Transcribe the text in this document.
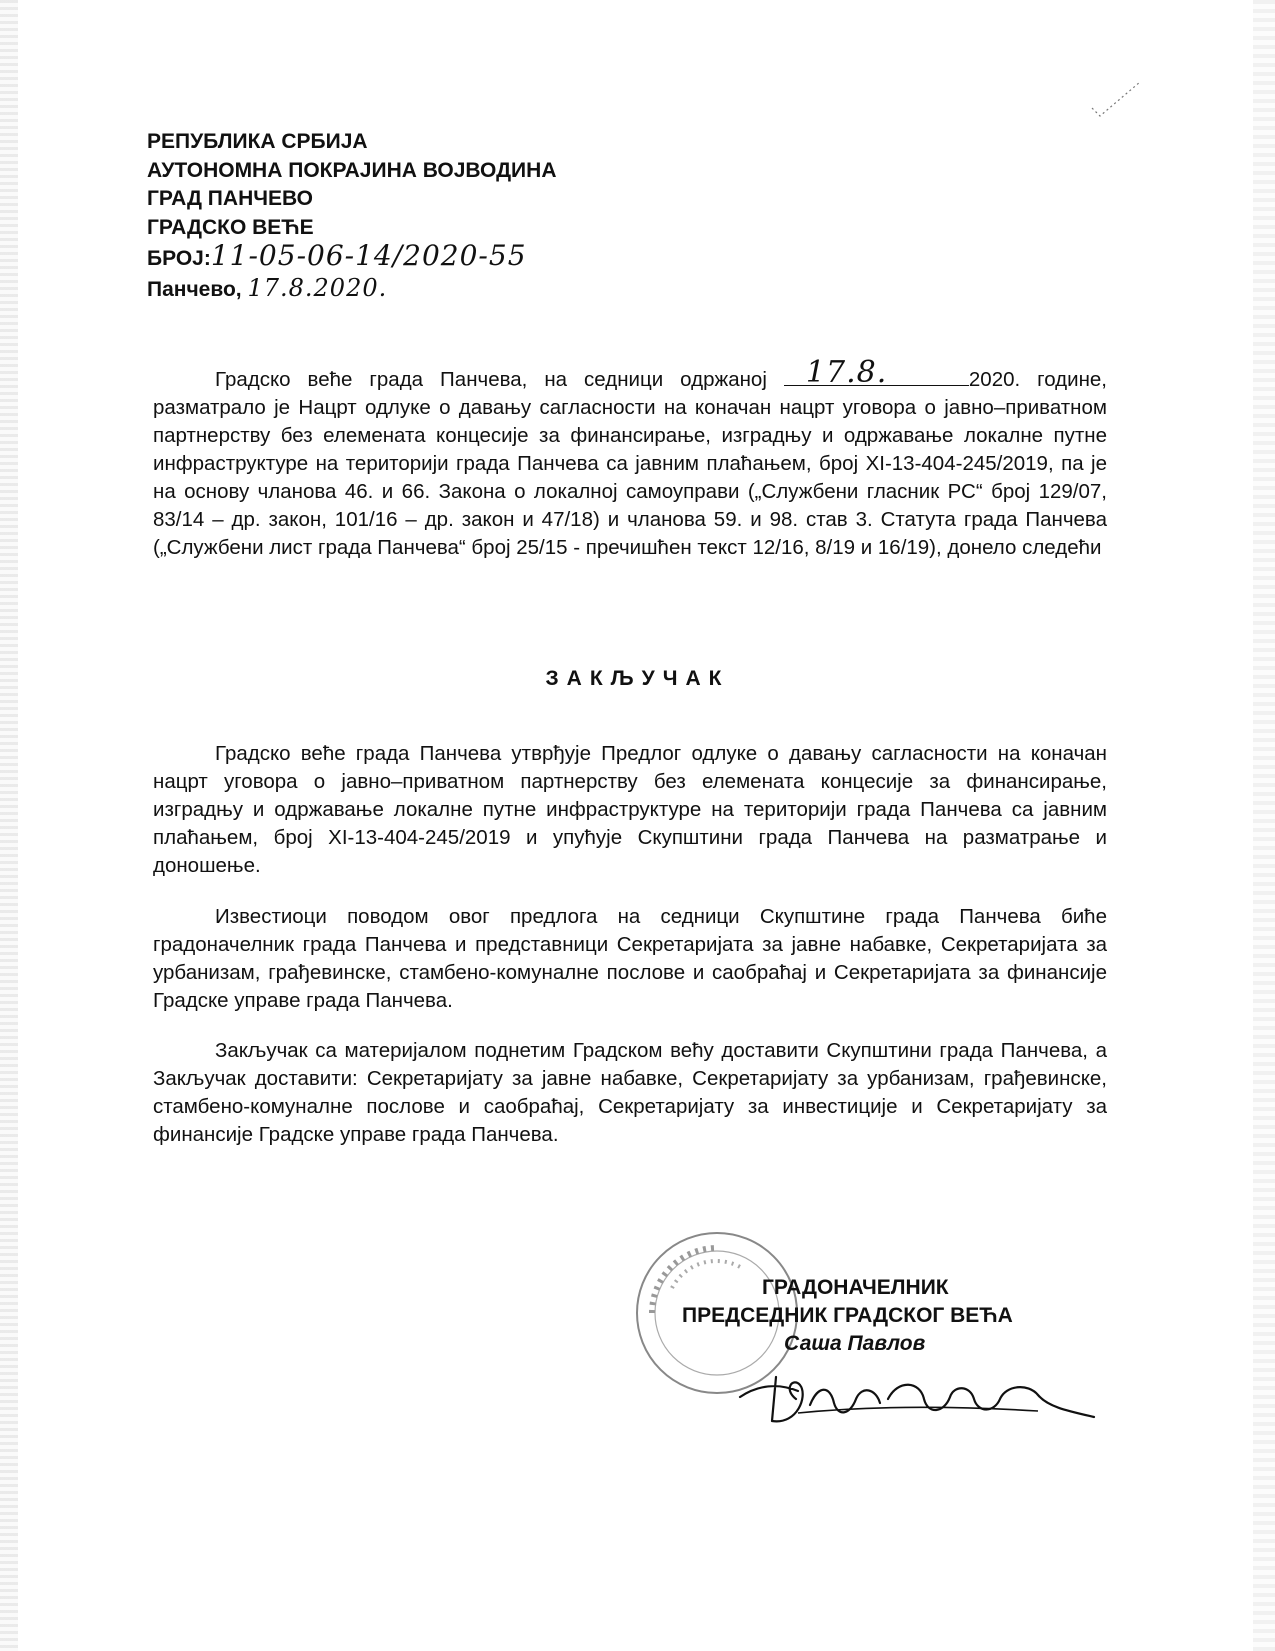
РЕПУБЛИКА СРБИЈА
АУТОНОМНА ПОКРАЈИНА ВОЈВОДИНА
ГРАД ПАНЧЕВО
ГРАДСКО ВЕЋЕ
БРОЈ:11-05-06-14/2020-55
Панчево, 17.8.2020.
Градско веће града Панчева, на седници одржаној 17.8.	2020. године, разматрало је Нацрт одлуке о давању сагласности на коначан нацрт уговора о јавно–приватном партнерству без елемената концесије за финансирање, изградњу и одржавање локалне путне инфраструктуре на територији града Панчева са јавним плаћањем, број XI-13-404-245/2019, па је на основу чланова 46. и 66. Закона о локалној самоуправи („Службени гласник РС“ број 129/07, 83/14 – др. закон, 101/16 – др. закон и 47/18) и чланова 59. и 98. став 3. Статута града Панчева („Службени лист града Панчева“ број 25/15 - пречишћен текст 12/16, 8/19 и 16/19), донело следећи
ЗАКЉУЧАК
Градско веће града Панчева утврђује Предлог одлуке о давању сагласности на коначан нацрт уговора о јавно–приватном партнерству без елемената концесије за финансирање, изградњу и одржавање локалне путне инфраструктуре на територији града Панчева са јавним плаћањем, број XI-13-404-245/2019 и упућује Скупштини града Панчева на разматрање и доношење.
Известиоци поводом овог предлога на седници Скупштине града Панчева биће градоначелник града Панчева и представници Секретаријата за јавне набавке, Секретаријата за урбанизам, грађевинске, стамбено-комуналне послове и саобраћај и Секретаријата за финансије Градске управе града Панчева.
Закључак са материјалом поднетим Градском већу доставити Скупштини града Панчева, а Закључак доставити: Секретаријату за јавне набавке, Секретаријату за урбанизам, грађевинске, стамбено-комуналне послове и саобраћај, Секретаријату за инвестиције и Секретаријату за финансије Градске управе града Панчева.
ГРАДОНАЧЕЛНИК
ПРЕДСЕДНИК ГРАДСКОГ ВЕЋА
Саша Павлов
